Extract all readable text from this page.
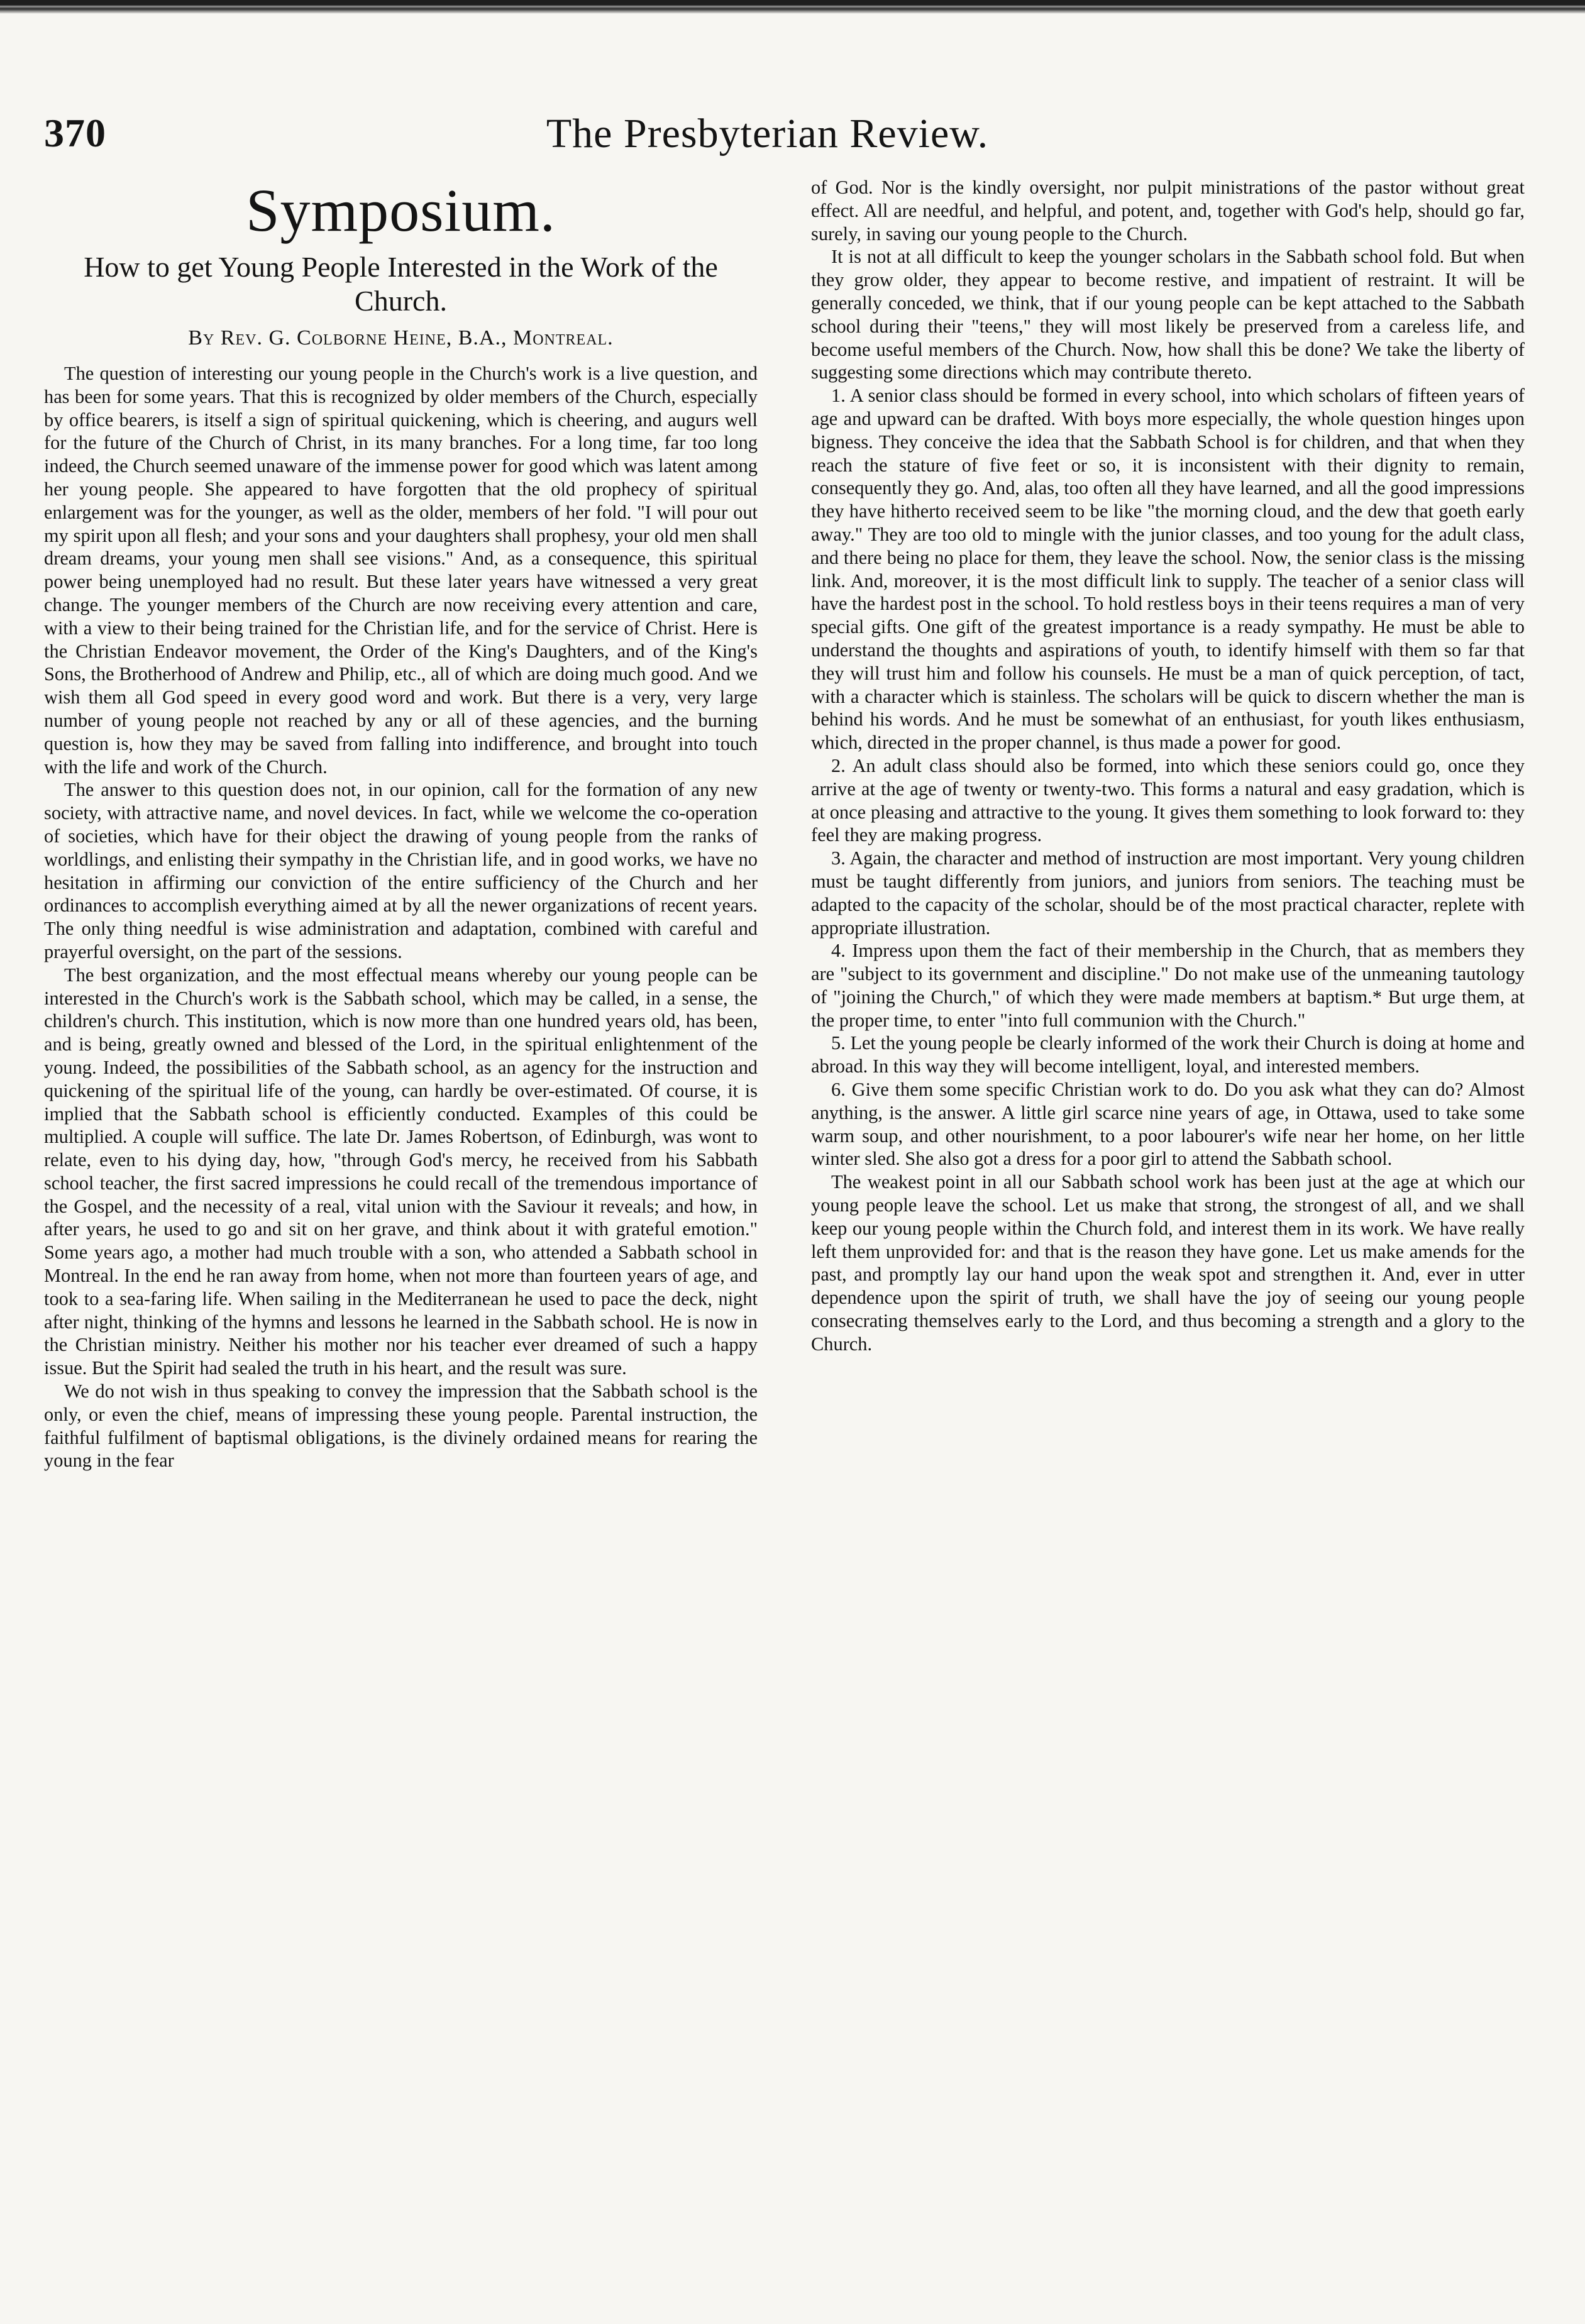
The Presbyterian Review.
370
Symposium.
How to get Young People Interested in the Work of the Church.
By Rev. G. Colborne Heine, B.A., Montreal.

The question of interesting our young people in the Church's work is a live question, and has been for some years. That this is recognized by older members of the Church, especially by office bearers, is itself a sign of spiritual quickening, which is cheering, and augurs well for the future of the Church of Christ, in its many branches. For a long time, far too long indeed, the Church seemed unaware of the immense power for good which was latent among her young people. She appeared to have forgotten that the old prophecy of spiritual enlargement was for the younger, as well as the older, members of her fold. "I will pour out my spirit upon all flesh; and your sons and your daughters shall prophesy, your old men shall dream dreams, your young men shall see visions." And, as a consequence, this spiritual power being unemployed had no result. But these later years have witnessed a very great change. The younger members of the Church are now receiving every attention and care, with a view to their being trained for the Christian life, and for the service of Christ. Here is the Christian Endeavor movement, the Order of the King's Daughters, and of the King's Sons, the Brotherhood of Andrew and Philip, etc., all of which are doing much good. And we wish them all God speed in every good word and work. But there is a very, very large number of young people not reached by any or all of these agencies, and the burning question is, how they may be saved from falling into indifference, and brought into touch with the life and work of the Church.

The answer to this question does not, in our opinion, call for the formation of any new society, with attractive name, and novel devices. In fact, while we welcome the co-operation of societies, which have for their object the drawing of young people from the ranks of worldlings, and enlisting their sympathy in the Christian life, and in good works, we have no hesitation in affirming our conviction of the entire sufficiency of the Church and her ordinances to accomplish everything aimed at by all the newer organizations of recent years. The only thing needful is wise administration and adaptation, combined with careful and prayerful oversight, on the part of the sessions.

The best organization, and the most effectual means whereby our young people can be interested in the Church's work is the Sabbath school, which may be called, in a sense, the children's church. This institution, which is now more than one hundred years old, has been, and is being, greatly owned and blessed of the Lord, in the spiritual enlightenment of the young. Indeed, the possibilities of the Sabbath school, as an agency for the instruction and quickening of the spiritual life of the young, can hardly be over-estimated. Of course, it is implied that the Sabbath school is efficiently conducted. Examples of this could be multiplied. A couple will suffice. The late Dr. James Robertson, of Edinburgh, was wont to relate, even to his dying day, how, "through God's mercy, he received from his Sabbath school teacher, the first sacred impressions he could recall of the tremendous importance of the Gospel, and the necessity of a real, vital union with the Saviour it reveals; and how, in after years, he used to go and sit on her grave, and think about it with grateful emotion." Some years ago, a mother had much trouble with a son, who attended a Sabbath school in Montreal. In the end he ran away from home, when not more than fourteen years of age, and took to a sea-faring life. When sailing in the Mediterranean he used to pace the deck, night after night, thinking of the hymns and lessons he learned in the Sabbath school. He is now in the Christian ministry. Neither his mother nor his teacher ever dreamed of such a happy issue. But the Spirit had sealed the truth in his heart, and the result was sure.

We do not wish in thus speaking to convey the impression that the Sabbath school is the only, or even the chief, means of impressing these young people. Parental instruction, the faithful fulfilment of baptismal obligations, is the divinely ordained means for rearing the young in the fear

of God. Nor is the kindly oversight, nor pulpit ministrations of the pastor without great effect. All are needful, and helpful, and potent, and, together with God's help, should go far, surely, in saving our young people to the Church.

It is not at all difficult to keep the younger scholars in the Sabbath school fold. But when they grow older, they appear to become restive, and impatient of restraint. It will be generally conceded, we think, that if our young people can be kept attached to the Sabbath school during their "teens," they will most likely be preserved from a careless life, and become useful members of the Church. Now, how shall this be done? We take the liberty of suggesting some directions which may contribute thereto.

1. A senior class should be formed in every school, into which scholars of fifteen years of age and upward can be drafted. With boys more especially, the whole question hinges upon bigness. They conceive the idea that the Sabbath School is for children, and that when they reach the stature of five feet or so, it is inconsistent with their dignity to remain, consequently they go. And, alas, too often all they have learned, and all the good impressions they have hitherto received seem to be like "the morning cloud, and the dew that goeth early away." They are too old to mingle with the junior classes, and too young for the adult class, and there being no place for them, they leave the school. Now, the senior class is the missing link. And, moreover, it is the most difficult link to supply. The teacher of a senior class will have the hardest post in the school. To hold restless boys in their teens requires a man of very special gifts. One gift of the greatest importance is a ready sympathy. He must be able to understand the thoughts and aspirations of youth, to identify himself with them so far that they will trust him and follow his counsels. He must be a man of quick perception, of tact, with a character which is stainless. The scholars will be quick to discern whether the man is behind his words. And he must be somewhat of an enthusiast, for youth likes enthusiasm, which, directed in the proper channel, is thus made a power for good.

2. An adult class should also be formed, into which these seniors could go, once they arrive at the age of twenty or twenty-two. This forms a natural and easy gradation, which is at once pleasing and attractive to the young. It gives them something to look forward to: they feel they are making progress.

3. Again, the character and method of instruction are most important. Very young children must be taught differently from juniors, and juniors from seniors. The teaching must be adapted to the capacity of the scholar, should be of the most practical character, replete with appropriate illustration.

4. Impress upon them the fact of their membership in the Church, that as members they are "subject to its government and discipline." Do not make use of the unmeaning tautology of "joining the Church," of which they were made members at baptism.* But urge them, at the proper time, to enter "into full communion with the Church."

5. Let the young people be clearly informed of the work their Church is doing at home and abroad. In this way they will become intelligent, loyal, and interested members.

6. Give them some specific Christian work to do. Do you ask what they can do? Almost anything, is the answer. A little girl scarce nine years of age, in Ottawa, used to take some warm soup, and other nourishment, to a poor labourer's wife near her home, on her little winter sled. She also got a dress for a poor girl to attend the Sabbath school.

The weakest point in all our Sabbath school work has been just at the age at which our young people leave the school. Let us make that strong, the strongest of all, and we shall keep our young people within the Church fold, and interest them in its work. We have really left them unprovided for: and that is the reason they have gone. Let us make amends for the past, and promptly lay our hand upon the weak spot and strengthen it. And, ever in utter dependence upon the spirit of truth, we shall have the joy of seeing our young people consecrating themselves early to the Lord, and thus becoming a strength and a glory to the Church.
